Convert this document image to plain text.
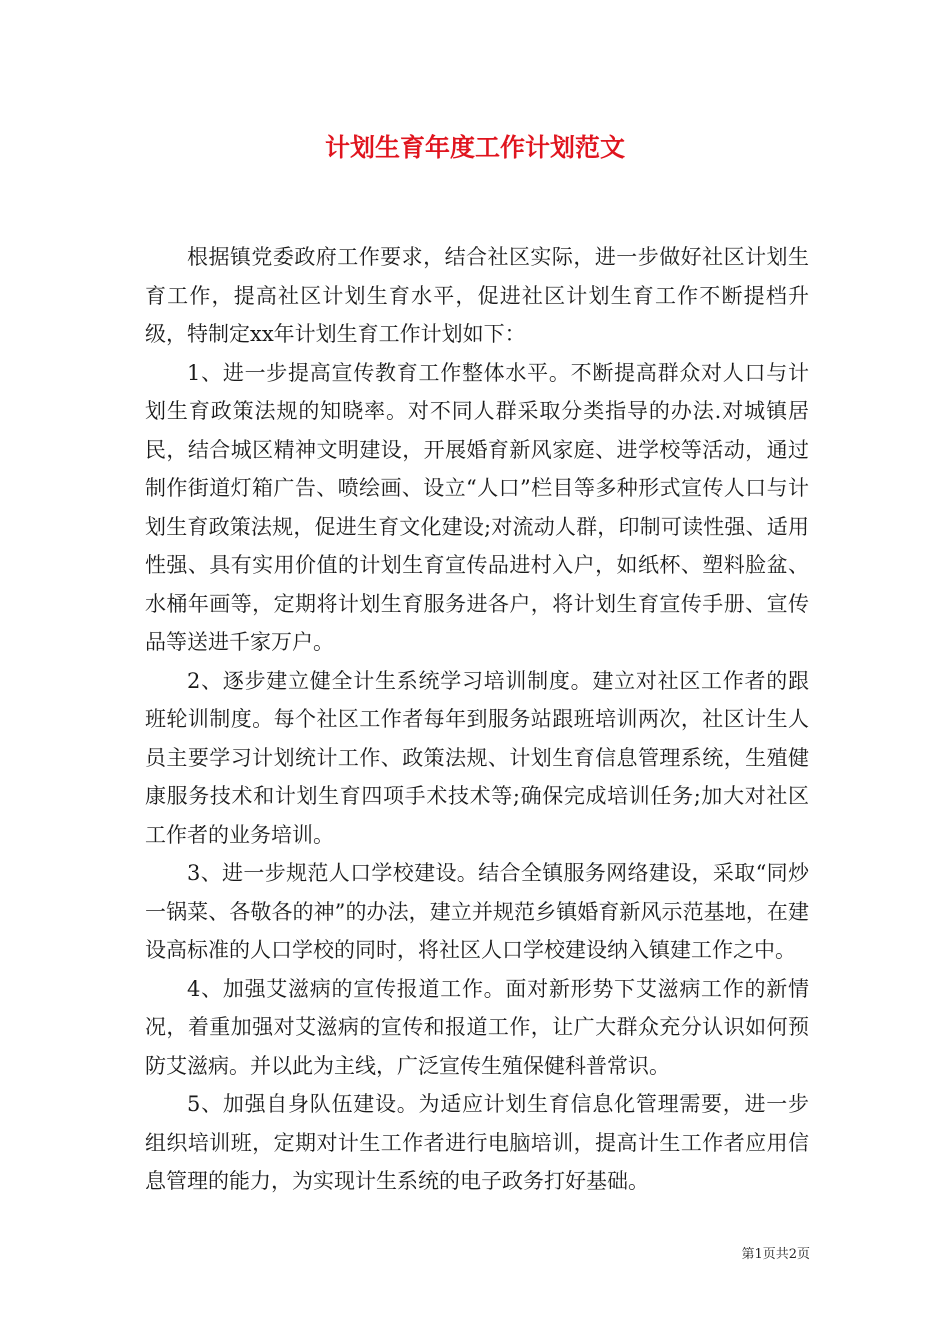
计划生育年度工作计划范文

根据镇党委政府工作要求，结合社区实际，进一步做好社区计划生育工作，提高社区计划生育水平，促进社区计划生育工作不断提档升级，特制定xx年计划生育工作计划如下：

1、进一步提高宣传教育工作整体水平。不断提高群众对人口与计划生育政策法规的知晓率。对不同人群采取分类指导的办法.对城镇居民，结合城区精神文明建设，开展婚育新风家庭、进学校等活动，通过制作街道灯箱广告、喷绘画、设立“人口”栏目等多种形式宣传人口与计划生育政策法规，促进生育文化建设;对流动人群，印制可读性强、适用性强、具有实用价值的计划生育宣传品进村入户，如纸杯、塑料脸盆、水桶年画等，定期将计划生育服务进各户，将计划生育宣传手册、宣传品等送进千家万户。

2、逐步建立健全计生系统学习培训制度。建立对社区工作者的跟班轮训制度。每个社区工作者每年到服务站跟班培训两次，社区计生人员主要学习计划统计工作、政策法规、计划生育信息管理系统，生殖健康服务技术和计划生育四项手术技术等;确保完成培训任务;加大对社区工作者的业务培训。

3、进一步规范人口学校建设。结合全镇服务网络建设，采取“同炒一锅菜、各敬各的神”的办法，建立并规范乡镇婚育新风示范基地，在建设高标准的人口学校的同时，将社区人口学校建设纳入镇建工作之中。

4、加强艾滋病的宣传报道工作。面对新形势下艾滋病工作的新情况，着重加强对艾滋病的宣传和报道工作，让广大群众充分认识如何预防艾滋病。并以此为主线，广泛宣传生殖保健科普常识。

5、加强自身队伍建设。为适应计划生育信息化管理需要，进一步组织培训班，定期对计生工作者进行电脑培训，提高计生工作者应用信息管理的能力，为实现计生系统的电子政务打好基础。

第1页共2页
